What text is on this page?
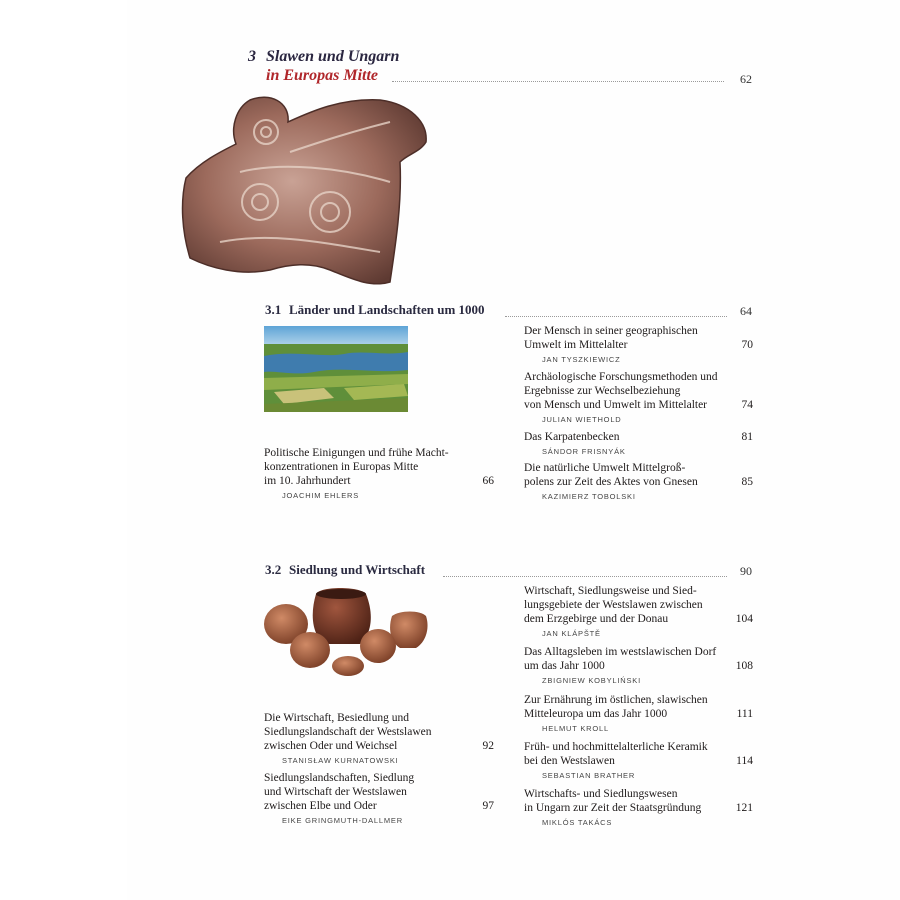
3 Slawen und Ungarn
in Europas Mitte	62
3.1 Länder und Landschaften um 1000	64
Politische Einigungen und frühe Macht-
konzentrationen in Europas Mitte
im 10. Jahrhundert
JOACHIM EHLERS
66
Der Mensch in seiner geographischen
Umwelt im Mittelalter
JAN TYSZKIEWICZ
70
Archäologische Forschungsmethoden und
Ergebnisse zur Wechselbeziehung
von Mensch und Umwelt im Mittelalter
JULIAN WIETHOLD
74
Das Karpatenbecken
SÁNDOR FRISNYÁK
81
Die natürliche Umwelt Mittelgroß-
polens zur Zeit des Aktes von Gnesen
KAZIMIERZ TOBOLSKI
85
3.2 Siedlung und Wirtschaft	90
Die Wirtschaft, Besiedlung und
Siedlungslandschaft der Westslawen
zwischen Oder und Weichsel
STANISŁAW KURNATOWSKI
92
Siedlungslandschaften, Siedlung
und Wirtschaft der Westslawen
zwischen Elbe und Oder
EIKE GRINGMUTH-DALLMER
97
Wirtschaft, Siedlungsweise und Sied-
lungsgebiete der Westslawen zwischen
dem Erzgebirge und der Donau
JAN KLÁPŠTĚ
104
Das Alltagsleben im westslawischen Dorf
um das Jahr 1000
ZBIGNIEW KOBYLIŃSKI
108
Zur Ernährung im östlichen, slawischen
Mitteleuropa um das Jahr 1000
HELMUT KROLL
111
Früh- und hochmittelalterliche Keramik
bei den Westslawen
SEBASTIAN BRATHER
114
Wirtschafts- und Siedlungswesen
in Ungarn zur Zeit der Staatsgründung
MIKLÓS TAKÁCS
121
